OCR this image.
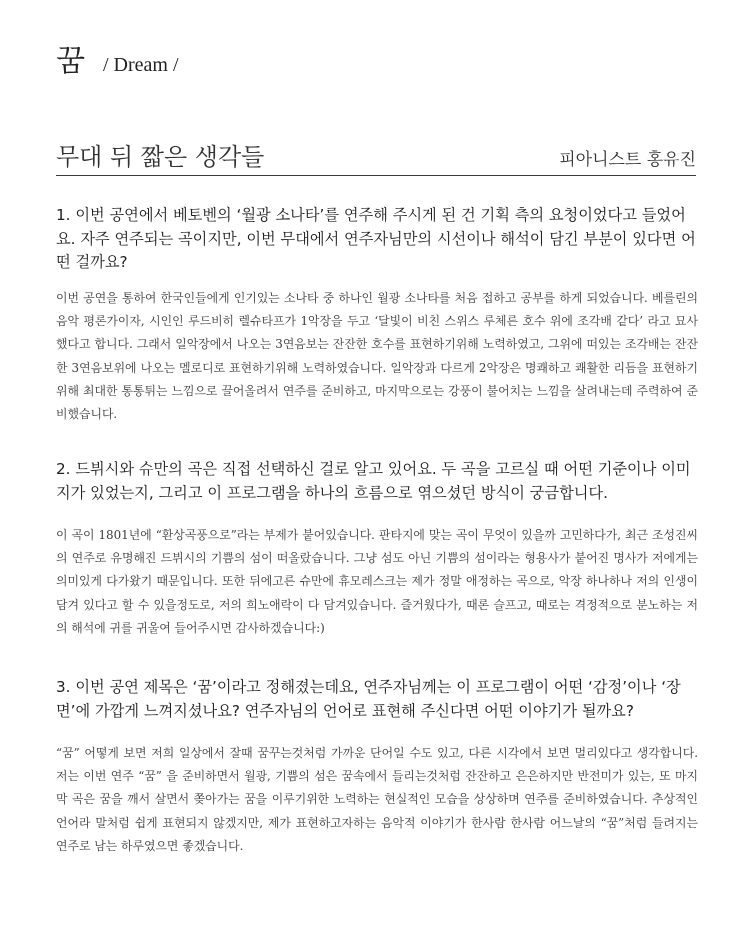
꿈 / Dream /
무대 뒤 짧은 생각들	피아니스트 홍유진
1. 이번 공연에서 베토벤의 ‘월광 소나타’를 연주해 주시게 된 건 기획 측의 요청이었다고 들었어요. 자주 연주되는 곡이지만, 이번 무대에서 연주자님만의 시선이나 해석이 담긴 부분이 있다면 어떤 걸까요?
이번 공연을 통하여 한국인들에게 인기있는 소나타 중 하나인 월광 소나타를 처음 접하고 공부를 하게 되었습니다. 베를린의 음악 평론가이자, 시인인 루드비히 렐슈타프가 1악장을 두고 ‘달빛이 비친 스위스 루체른 호수 위에 조각배 같다’ 라고 묘사했다고 합니다. 그래서 일악장에서 나오는 3연음보는 잔잔한 호수를 표현하기위해 노력하였고, 그위에 떠있는 조각배는 잔잔한 3연음보위에 나오는 멜로디로 표현하기위해 노력하였습니다. 일악장과 다르게 2악장은 명쾌하고 쾌활한 리듬을 표현하기위해 최대한 통통튀는 느낌으로 끌어올려서 연주를 준비하고, 마지막으로는 강풍이 불어치는 느낌을 살려내는데 주력하여 준비했습니다.
2. 드뷔시와 슈만의 곡은 직접 선택하신 걸로 알고 있어요. 두 곡을 고르실 때 어떤 기준이나 이미지가 있었는지, 그리고 이 프로그램을 하나의 흐름으로 엮으셨던 방식이 궁금합니다.
이 곡이 1801년에 “환상곡풍으로”라는 부제가 붙어있습니다. 판타지에 맞는 곡이 무엇이 있을까 고민하다가, 최근 조성진씨의 연주로 유명해진 드뷔시의 기쁨의 섬이 떠올랐습니다. 그냥 섬도 아닌 기쁨의 섬이라는 형용사가 붙어진 명사가 저에게는 의미있게 다가왔기 때문입니다. 또한 뒤에고른 슈만에 휴모레스크는 제가 정말 애정하는 곡으로, 악장 하나하나 저의 인생이 담겨 있다고 할 수 있을정도로, 저의 희노애락이 다 담겨있습니다. 즐거웠다가, 때론 슬프고, 때로는 격정적으로 분노하는 저의 해석에 귀를 귀울여 들어주시면 감사하겠습니다:)
3. 이번 공연 제목은 ‘꿈’이라고 정해졌는데요, 연주자님께는 이 프로그램이 어떤 ‘감정’이나 ‘장면’에 가깝게 느껴지셨나요? 연주자님의 언어로 표현해 주신다면 어떤 이야기가 될까요?
“꿈” 어떻게 보면 저희 일상에서 잘때 꿈꾸는것처럼 가까운 단어일 수도 있고, 다른 시각에서 보면 멀리있다고 생각합니다. 저는 이번 연주 “꿈” 을 준비하면서 월광, 기쁨의 섬은 꿈속에서 들리는것처럼 잔잔하고 은은하지만 반전미가 있는, 또 마지막 곡은 꿈을 깨서 살면서 쫒아가는 꿈을 이루기위한 노력하는 현실적인 모습을 상상하며 연주를 준비하였습니다. 추상적인 언어라 말처럼 쉽게 표현되지 않겠지만, 제가 표현하고자하는 음악적 이야기가 한사람 한사람 어느날의 “꿈”처럼 들려지는 연주로 남는 하루였으면 좋겠습니다.
